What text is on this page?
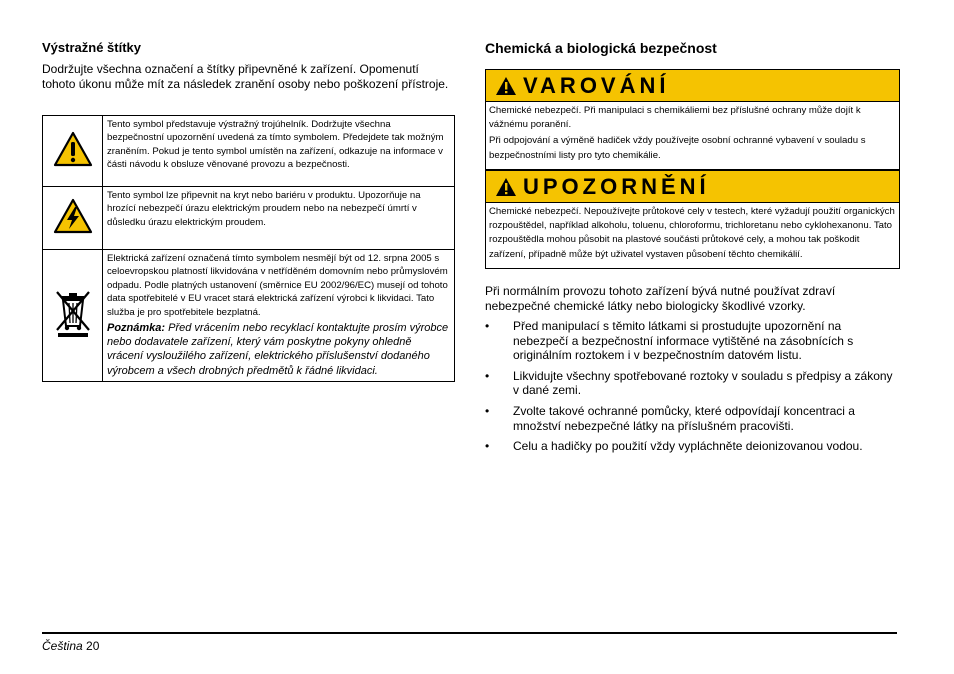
Výstražné štítky
Dodržujte všechna označení a štítky připevněné k zařízení. Opomenutí tohoto úkonu může mít za následek zranění osoby nebo poškození přístroje.
	Tento symbol představuje výstražný trojúhelník. Dodržujte všechna bezpečnostní upozornění uvedená za tímto symbolem. Předejdete tak možným zraněním. Pokud je tento symbol umístěn na zařízení, odkazuje na informace v části návodu k obsluze věnované provozu a bezpečnosti.
	Tento symbol lze připevnit na kryt nebo bariéru v produktu. Upozorňuje na hrozící nebezpečí úrazu elektrickým proudem nebo na nebezpečí úmrtí v důsledku úrazu elektrickým proudem.

Elektrická zařízení označená tímto symbolem nesmějí být od 12. srpna 2005 s celoevropskou platností likvidována v netříděném domovním nebo průmyslovém odpadu. Podle platných ustanovení (směrnice EU 2002/96/EC) musejí od tohoto data spotřebitelé v EU vracet stará elektrická zařízení výrobci k likvidaci. Tato služba je pro spotřebitele bezplatná.
Poznámka: Před vrácením nebo recyklací kontaktujte prosím výrobce nebo dodavatele zařízení, který vám poskytne pokyny ohledně vrácení vysloužilého zařízení, elektrického příslušenství dodaného výrobcem a všech drobných předmětů k řádné likvidaci.
Chemická a biologická bezpečnost
VAROVÁNÍ

Chemické nebezpečí. Při manipulaci s chemikáliemi bez příslušné ochrany může dojít k vážnému poranění.

Při odpojování a výměně hadiček vždy používejte osobní ochranné vybavení v souladu s bezpečnostními listy pro tyto chemikálie.

UPOZORNĚNÍ

Chemické nebezpečí. Nepoužívejte průtokové cely v testech, které vyžadují použití organických rozpouštědel, například alkoholu, toluenu, chloroformu, trichloretanu nebo cyklohexanonu. Tato rozpouštědla mohou působit na plastové součásti průtokové cely, a mohou tak poškodit zařízení, případně může být uživatel vystaven působení těchto chemikálií.

Při normálním provozu tohoto zařízení bývá nutné používat zdraví nebezpečné chemické látky nebo biologicky škodlivé vzorky.
• Před manipulací s těmito látkami si prostudujte upozornění na nebezpečí a bezpečnostní informace vytištěné na zásobnících s originálním roztokem i v bezpečnostním datovém listu.
• Likvidujte všechny spotřebované roztoky v souladu s předpisy a zákony v dané zemi.
• Zvolte takové ochranné pomůcky, které odpovídají koncentraci a množství nebezpečné látky na příslušném pracovišti.
• Celu a hadičky po použití vždy vypláchněte deionizovanou vodou.
Čeština 20
